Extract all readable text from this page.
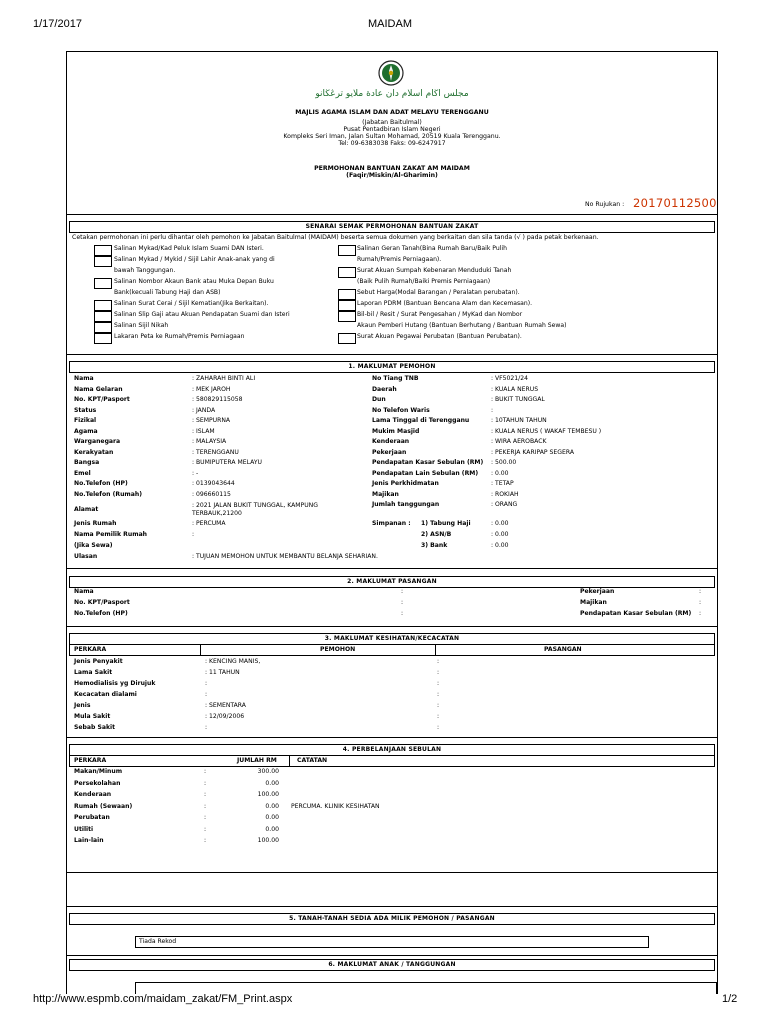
1/17/2017	MAIDAM
مجلس اڬام اسلام دان عادة ملايو ترڠڬانو
MAJLIS AGAMA ISLAM DAN ADAT MELAYU TERENGGANU
(Jabatan Baitulmal)
Pusat Pentadbiran Islam Negeri
Kompleks Seri Iman, Jalan Sultan Mohamad, 20519 Kuala Terengganu.
Tel: 09-6383038 Faks: 09-6247917
PERMOHONAN BANTUAN ZAKAT AM MAIDAM
(Faqir/Miskin/Al-Gharimin)
No Rujukan : 20170112500
SENARAI SEMAK PERMOHONAN BANTUAN ZAKAT
Cetakan permohonan ini perlu dihantar oleh pemohon ke Jabatan Baitulmal (MAIDAM) beserta semua dokumen yang berkaitan dan sila tanda (√ ) pada petak berkenaan.
Salinan Mykad/Kad Peluk Islam Suami DAN Isteri.
Salinan Mykad / Mykid / Sijil Lahir Anak-anak yang di
bawah Tanggungan.
Salinan Nombor Akaun Bank atau Muka Depan Buku
Bank(kecuali Tabung Haji dan ASB)
Salinan Surat Cerai / Sijil Kematian(Jika Berkaitan).
Salinan Slip Gaji atau Akuan Pendapatan Suami dan Isteri
Salinan Sijil Nikah
Lakaran Peta ke Rumah/Premis Perniagaan
Salinan Geran Tanah(Bina Rumah Baru/Baik Pulih
Rumah/Premis Perniagaan).
Surat Akuan Sumpah Kebenaran Menduduki Tanah
(Baik Pulih Rumah/Baiki Premis Perniagaan)
Sebut Harga(Modal Barangan / Peralatan perubatan).
Laporan PDRM (Bantuan Bencana Alam dan Kecemasan).
Bil-bil / Resit / Surat Pengesahan / MyKad dan Nombor
Akaun Pemberi Hutang (Bantuan Berhutang / Bantuan Rumah Sewa)
Surat Akuan Pegawai Perubatan (Bantuan Perubatan).
1. MAKLUMAT PEMOHON
Nama	: ZAHARAH BINTI ALI
Nama Gelaran	: MEK JAROH
No. KPT/Pasport	: 580829115058
Status	: JANDA
Fizikal	: SEMPURNA
Agama	: ISLAM
Warganegara	: MALAYSIA
Kerakyatan	: TERENGGANU
Bangsa	: BUMIPUTERA MELAYU
Emel	: -
No.Telefon (HP)	: 0139043644
No.Telefon (Rumah)	: 096660115
No Tiang TNB	: VF5021/24
Daerah	: KUALA NERUS
Dun	: BUKIT TUNGGAL
No Telefon Waris	:
Lama Tinggal di Terengganu	: 10TAHUN TAHUN
Mukim Masjid	: KUALA NERUS ( WAKAF TEMBESU )
Kenderaan	: WIRA AEROBACK
Pekerjaan	: PEKERJA KARIPAP SEGERA
Pendapatan Kasar Sebulan (RM) : 500.00
Pendapatan Lain Sebulan (RM) : 0.00
Jenis Perkhidmatan	: TETAP
Majikan	: ROKIAH
Jumlah tanggungan	: ORANG
Alamat
: 2021 JALAN BUKIT TUNGGAL, KAMPUNG
TERBAUK,21200
Jenis Rumah	: PERCUMA
Nama Pemilik Rumah	:
(Jika Sewa)
Ulasan	: TUJUAN MEMOHON UNTUK MEMBANTU BELANJA SEHARIAN.
Simpanan : 1) Tabung Haji	: 0.00
2) ASN/B	: 0.00
3) Bank	: 0.00
2. MAKLUMAT PASANGAN
Nama	:
No. KPT/Pasport	:
No.Telefon (HP)	:
Pekerjaan	:
Majikan	:
Pendapatan Kasar Sebulan (RM) :
3. MAKLUMAT KESIHATAN/KECACATAN
PERKARA	PEMOHON	PASANGAN
Jenis Penyakit	: KENCING MANIS,	:
Lama Sakit	: 11 TAHUN	:
Hemodialisis yg Dirujuk	:	:
Kecacatan dialami	:	:
Jenis	: SEMENTARA	:
Mula Sakit	: 12/09/2006	:
Sebab Sakit	:	:
4. PERBELANJAAN SEBULAN
PERKARA	JUMLAH RM	CATATAN
Makan/Minum	:	300.00
Persekolahan	:	0.00
Kenderaan	:	100.00
Rumah (Sewaan)	:	0.00 PERCUMA. KLINIK KESIHATAN
Perubatan	:	0.00
Utiliti	:	0.00
Lain-lain	:	100.00
5. TANAH-TANAH SEDIA ADA MILIK PEMOHON / PASANGAN
Tiada Rekod
6. MAKLUMAT ANAK / TANGGUNGAN
http://www.espmb.com/maidam_zakat/FM_Print.aspx	1/2
